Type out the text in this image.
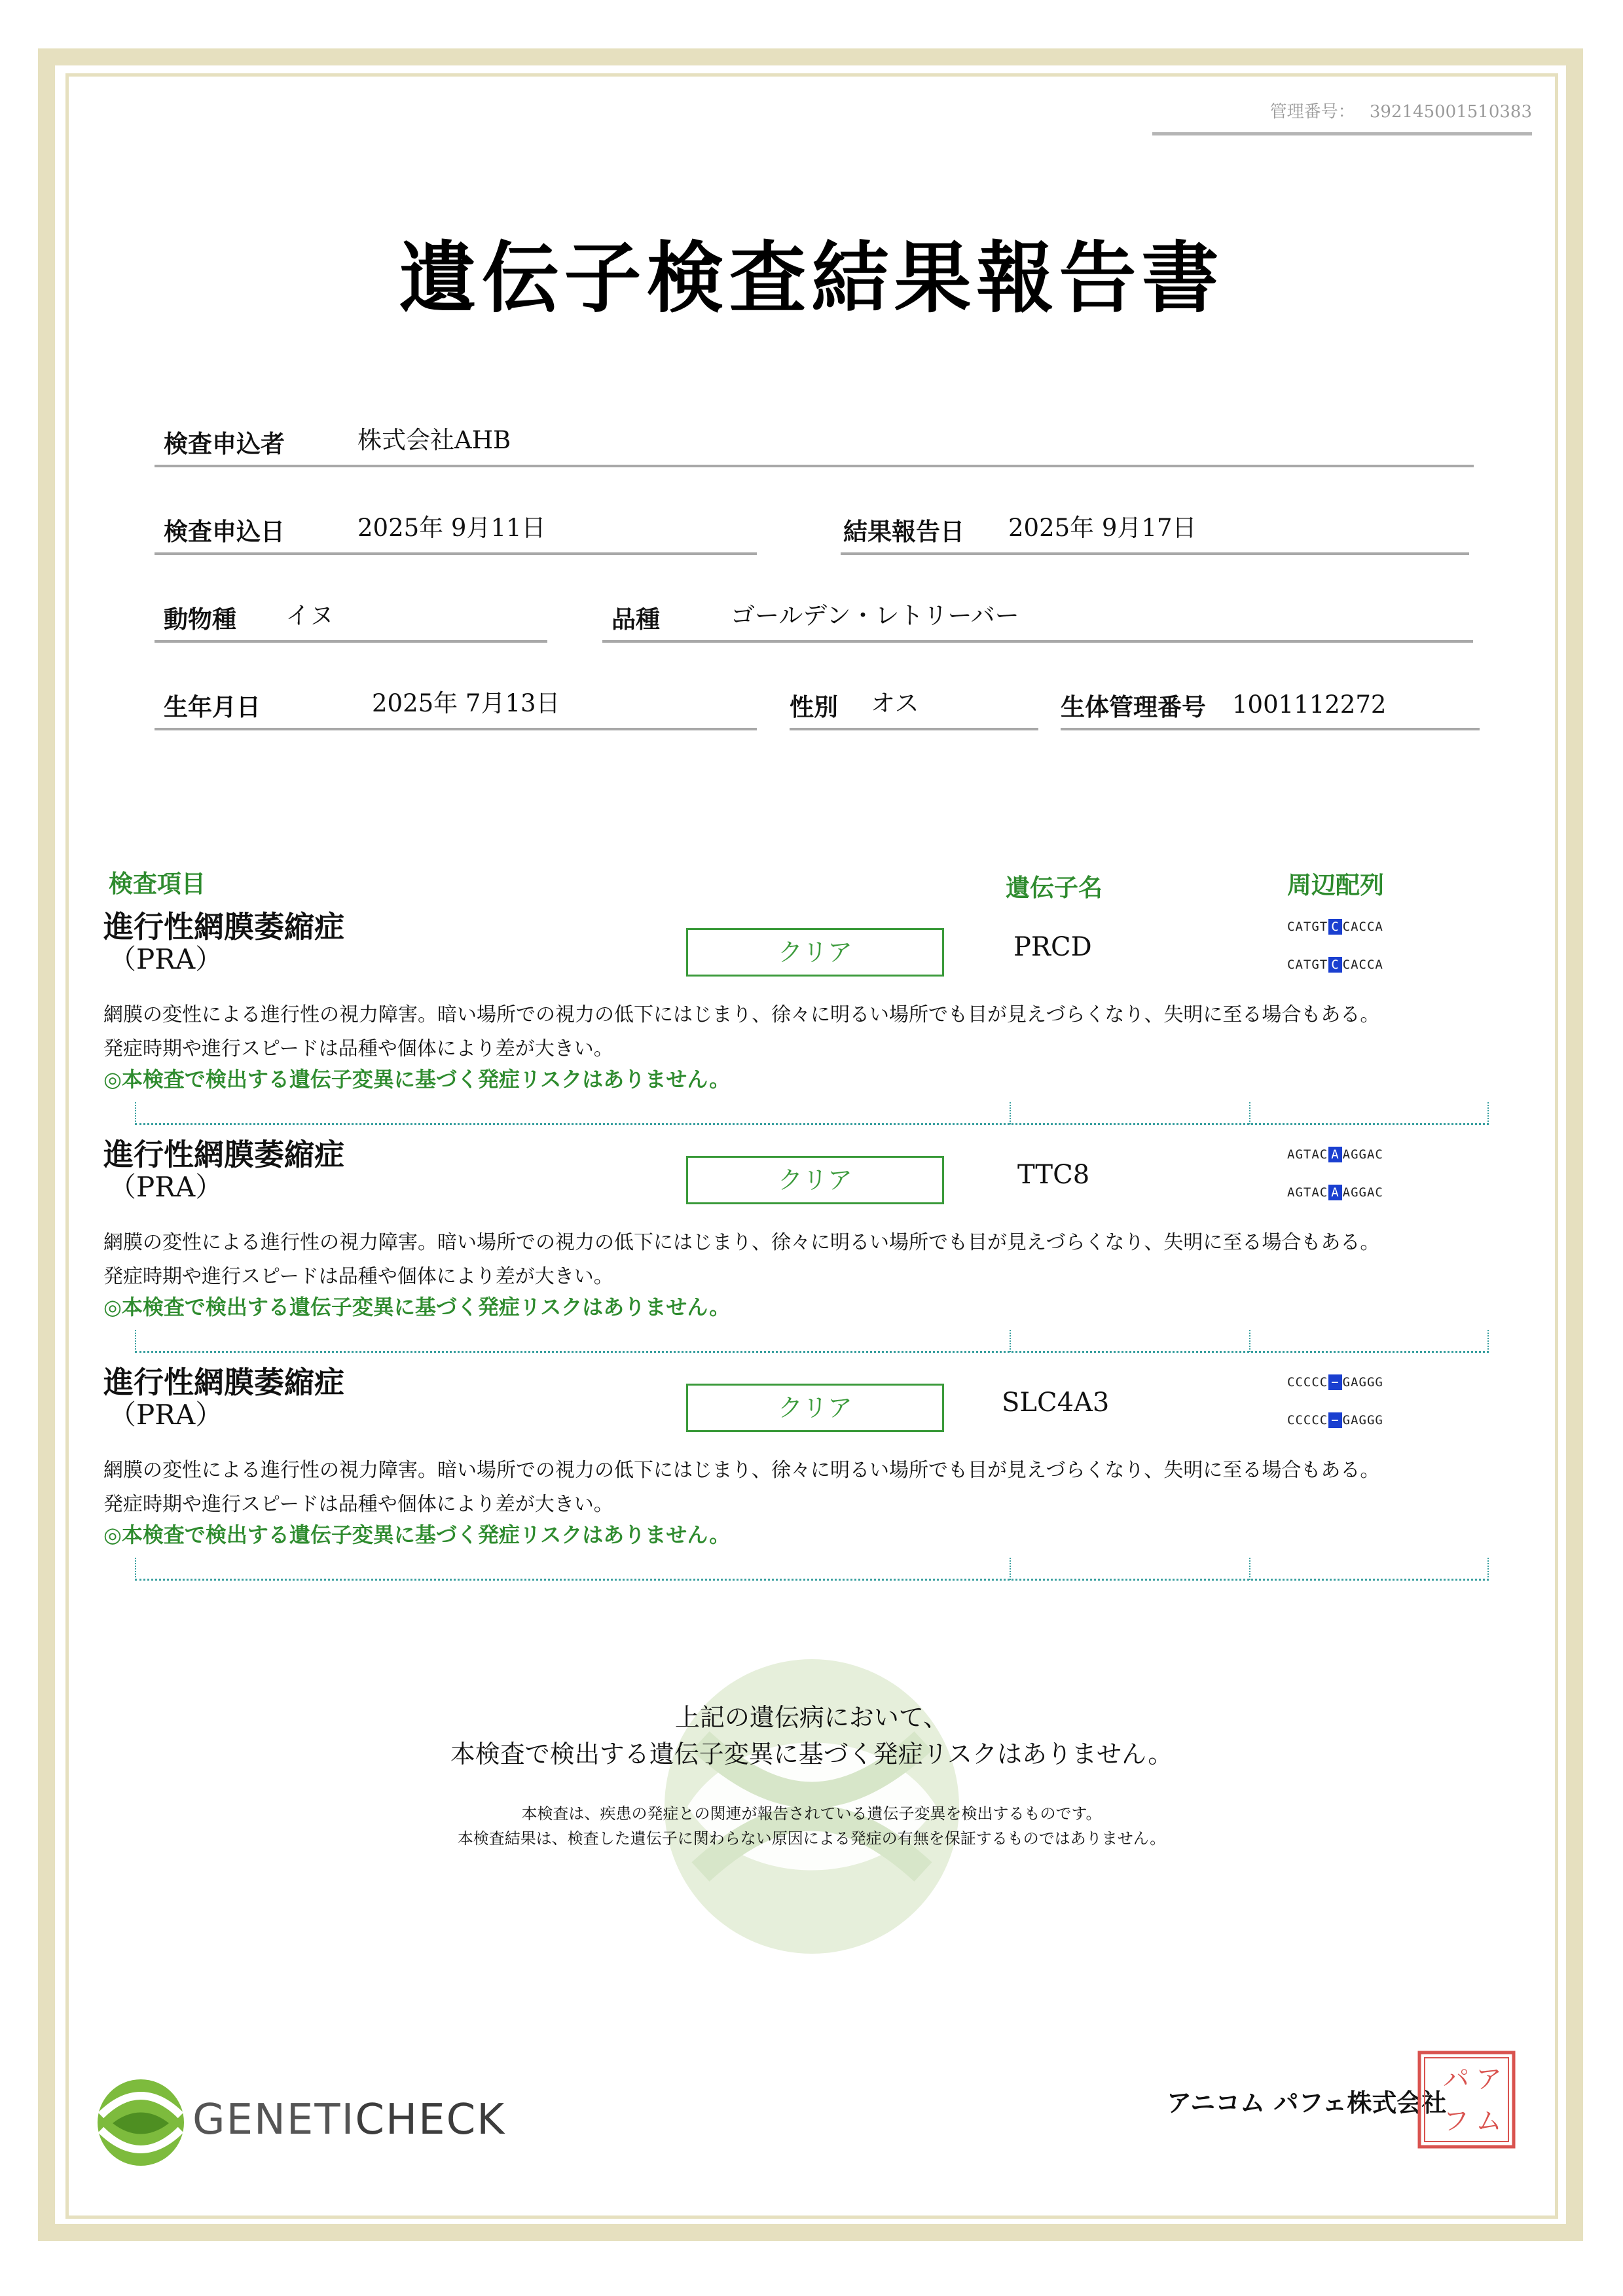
管理番号： 392145001510383
遺伝子検査結果報告書
検査申込者	株式会社AHB
検査申込日	2025年 9月11日	結果報告日 2025年 9月17日
動物種 イヌ	品種	ゴールデン・レトリーバー
生年月日	2025年 7月13日	性別 オス	生体管理番号 1001112272
検査項目	遺伝子名	周辺配列
進行性網膜萎縮症
（PRA）	クリア	PRCD
CATGT C CACCA
CATGT C CACCA
網膜の変性による進行性の視力障害。暗い場所での視力の低下にはじまり、徐々に明るい場所でも目が見えづらくなり、失明に至る場合もある。
発症時期や進行スピードは品種や個体により差が大きい。
◎本検査で検出する遺伝子変異に基づく発症リスクはありません。
進行性網膜萎縮症
（PRA）	クリア	TTC8
AGTAC A AGGAC
AGTAC A AGGAC
網膜の変性による進行性の視力障害。暗い場所での視力の低下にはじまり、徐々に明るい場所でも目が見えづらくなり、失明に至る場合もある。
発症時期や進行スピードは品種や個体により差が大きい。
◎本検査で検出する遺伝子変異に基づく発症リスクはありません。
進行性網膜萎縮症
（PRA）	クリア	SLC4A3
CCCCC − GAGGG
CCCCC − GAGGG
網膜の変性による進行性の視力障害。暗い場所での視力の低下にはじまり、徐々に明るい場所でも目が見えづらくなり、失明に至る場合もある。
発症時期や進行スピードは品種や個体により差が大きい。
◎本検査で検出する遺伝子変異に基づく発症リスクはありません。
上記の遺伝病において、
本検査で検出する遺伝子変異に基づく発症リスクはありません。
本検査は、疾患の発症との関連が報告されている遺伝子変異を検出するものです。
本検査結果は、検査した遺伝子に関わらない原因による発症の有無を保証するものではありません。
GENETICHECK	アニコム パフェ株式会社
パ ア
フ ム
